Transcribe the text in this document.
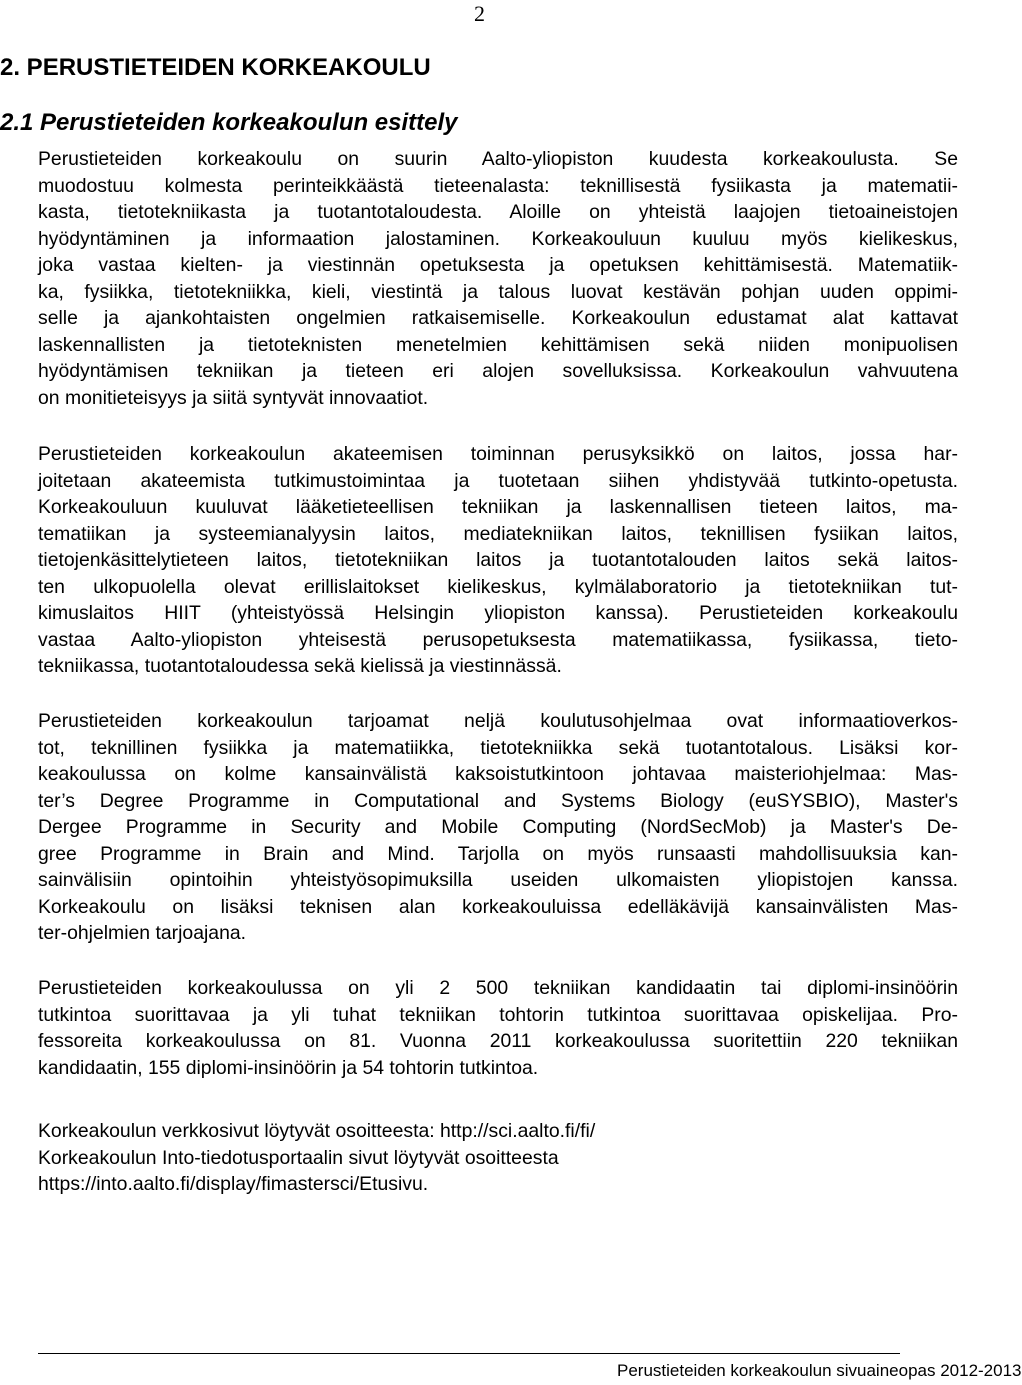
2
2. PERUSTIETEIDEN KORKEAKOULU
2.1 Perustieteiden korkeakoulun esittely
Perustieteiden korkeakoulu on suurin Aalto-yliopiston kuudesta korkeakoulusta. Se
muodostuu kolmesta perinteikkäästä tieteenalasta: teknillisestä fysiikasta ja matematii-
kasta, tietotekniikasta ja tuotantotaloudesta. Aloille on yhteistä laajojen tietoaineistojen
hyödyntäminen ja informaation jalostaminen. Korkeakouluun kuuluu myös kielikeskus,
joka vastaa kielten- ja viestinnän opetuksesta ja opetuksen kehittämisestä. Matematiik-
ka, fysiikka, tietotekniikka, kieli, viestintä ja talous luovat kestävän pohjan uuden oppimi-
selle ja ajankohtaisten ongelmien ratkaisemiselle. Korkeakoulun edustamat alat kattavat
laskennallisten ja tietoteknisten menetelmien kehittämisen sekä niiden monipuolisen
hyödyntämisen tekniikan ja tieteen eri alojen sovelluksissa. Korkeakoulun vahvuutena
on monitieteisyys ja siitä syntyvät innovaatiot.
Perustieteiden korkeakoulun akateemisen toiminnan perusyksikkö on laitos, jossa har-
joitetaan akateemista tutkimustoimintaa ja tuotetaan siihen yhdistyvää tutkinto-opetusta.
Korkeakouluun kuuluvat lääketieteellisen tekniikan ja laskennallisen tieteen laitos, ma-
tematiikan ja systeemianalyysin laitos, mediatekniikan laitos, teknillisen fysiikan laitos,
tietojenkäsittelytieteen laitos, tietotekniikan laitos ja tuotantotalouden laitos sekä laitos-
ten ulkopuolella olevat erillislaitokset kielikeskus, kylmälaboratorio ja tietotekniikan tut-
kimuslaitos HIIT (yhteistyössä Helsingin yliopiston kanssa). Perustieteiden korkeakoulu
vastaa Aalto-yliopiston yhteisestä perusopetuksesta matematiikassa, fysiikassa, tieto-
tekniikassa, tuotantotaloudessa sekä kielissä ja viestinnässä.
Perustieteiden korkeakoulun tarjoamat neljä koulutusohjelmaa ovat informaatioverkos-
tot, teknillinen fysiikka ja matematiikka, tietotekniikka sekä tuotantotalous. Lisäksi kor-
keakoulussa on kolme kansainvälistä kaksoistutkintoon johtavaa maisteriohjelmaa: Mas-
ter’s Degree Programme in Computational and Systems Biology (euSYSBIO), Master's
Dergee Programme in Security and Mobile Computing (NordSecMob) ja Master's De-
gree Programme in Brain and Mind. Tarjolla on myös runsaasti mahdollisuuksia kan-
sainvälisiin opintoihin yhteistyösopimuksilla useiden ulkomaisten yliopistojen kanssa.
Korkeakoulu on lisäksi teknisen alan korkeakouluissa edelläkävijä kansainvälisten Mas-
ter-ohjelmien tarjoajana.
Perustieteiden korkeakoulussa on yli 2 500 tekniikan kandidaatin tai diplomi-insinöörin
tutkintoa suorittavaa ja yli tuhat tekniikan tohtorin tutkintoa suorittavaa opiskelijaa. Pro-
fessoreita korkeakoulussa on 81. Vuonna 2011 korkeakoulussa suoritettiin 220 tekniikan
kandidaatin, 155 diplomi-insinöörin ja 54 tohtorin tutkintoa.
Korkeakoulun verkkosivut löytyvät osoitteesta: http://sci.aalto.fi/fi/
Korkeakoulun Into-tiedotusportaalin sivut löytyvät osoitteesta
https://into.aalto.fi/display/fimastersci/Etusivu.
Perustieteiden korkeakoulun sivuaineopas 2012-2013
